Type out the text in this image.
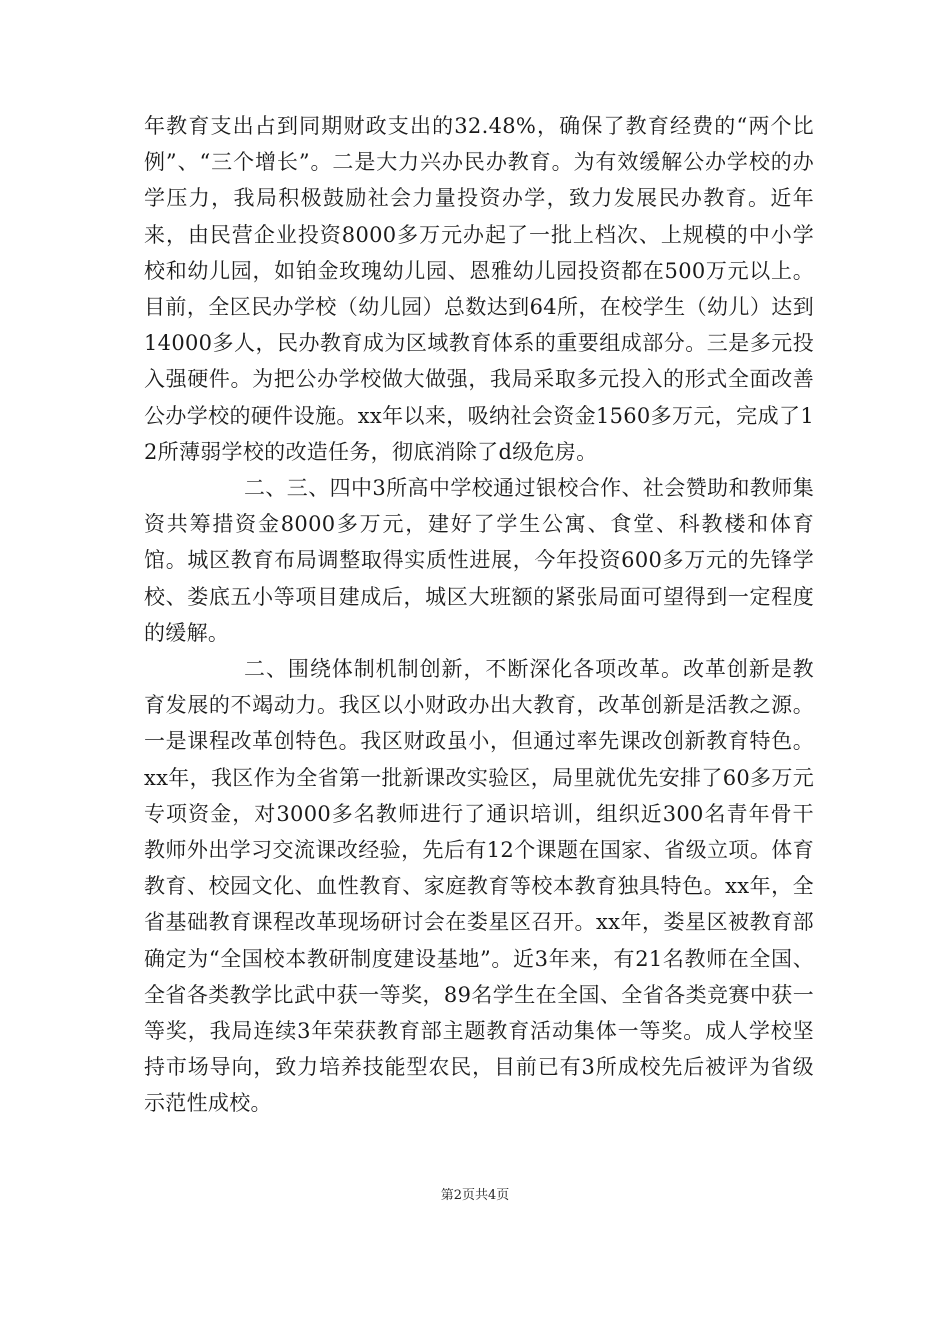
年教育支出占到同期财政支出的32.48%，确保了教育经费的“两个比例”、“三个增长”。二是大力兴办民办教育。为有效缓解公办学校的办学压力，我局积极鼓励社会力量投资办学，致力发展民办教育。近年来，由民营企业投资8000多万元办起了一批上档次、上规模的中小学校和幼儿园，如铂金玫瑰幼儿园、恩雅幼儿园投资都在500万元以上。目前，全区民办学校（幼儿园）总数达到64所，在校学生（幼儿）达到14000多人，民办教育成为区域教育体系的重要组成部分。三是多元投入强硬件。为把公办学校做大做强，我局采取多元投入的形式全面改善公办学校的硬件设施。xx年以来，吸纳社会资金1560多万元，完成了12所薄弱学校的改造任务，彻底消除了d级危房。

二、三、四中3所高中学校通过银校合作、社会赞助和教师集资共筹措资金8000多万元，建好了学生公寓、食堂、科教楼和体育馆。城区教育布局调整取得实质性进展，今年投资600多万元的先锋学校、娄底五小等项目建成后，城区大班额的紧张局面可望得到一定程度的缓解。

二、围绕体制机制创新，不断深化各项改革。改革创新是教育发展的不竭动力。我区以小财政办出大教育，改革创新是活教之源。一是课程改革创特色。我区财政虽小，但通过率先课改创新教育特色。xx年，我区作为全省第一批新课改实验区，局里就优先安排了60多万元专项资金，对3000多名教师进行了通识培训，组织近300名青年骨干教师外出学习交流课改经验，先后有12个课题在国家、省级立项。体育教育、校园文化、血性教育、家庭教育等校本教育独具特色。xx年，全省基础教育课程改革现场研讨会在娄星区召开。xx年，娄星区被教育部确定为“全国校本教研制度建设基地”。近3年来，有21名教师在全国、全省各类教学比武中获一等奖，89名学生在全国、全省各类竞赛中获一等奖，我局连续3年荣获教育部主题教育活动集体一等奖。成人学校坚持市场导向，致力培养技能型农民，目前已有3所成校先后被评为省级示范性成校。

第2页共4页
